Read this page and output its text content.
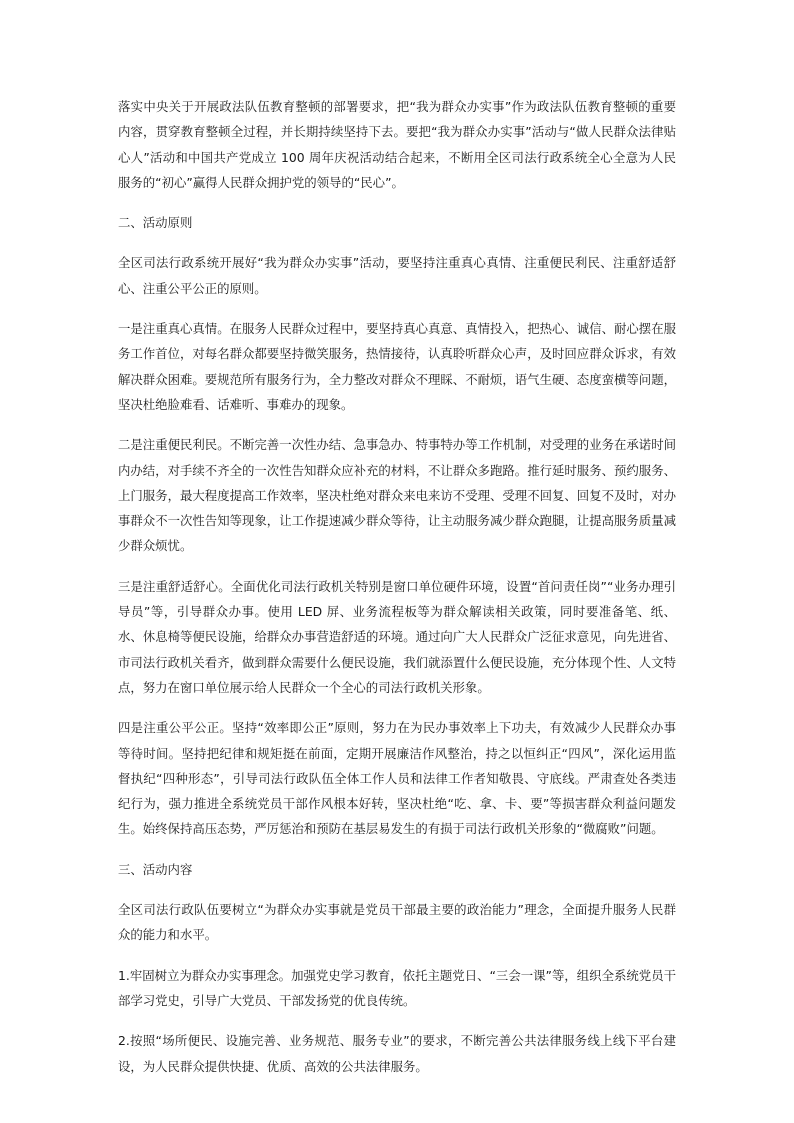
落实中央关于开展政法队伍教育整顿的部署要求，把“我为群众办实事”作为政法队伍教育整顿的重要内容，贯穿教育整顿全过程，并长期持续坚持下去。要把“我为群众办实事”活动与“做人民群众法律贴心人”活动和中国共产党成立 100 周年庆祝活动结合起来，不断用全区司法行政系统全心全意为人民服务的“初心”赢得人民群众拥护党的领导的“民心”。

二、活动原则

全区司法行政系统开展好“我为群众办实事”活动，要坚持注重真心真情、注重便民利民、注重舒适舒心、注重公平公正的原则。

一是注重真心真情。在服务人民群众过程中，要坚持真心真意、真情投入，把热心、诚信、耐心摆在服务工作首位，对每名群众都要坚持微笑服务，热情接待，认真聆听群众心声，及时回应群众诉求，有效解决群众困难。要规范所有服务行为，全力整改对群众不理睬、不耐烦，语气生硬、态度蛮横等问题，坚决杜绝脸难看、话难听、事难办的现象。

二是注重便民利民。不断完善一次性办结、急事急办、特事特办等工作机制，对受理的业务在承诺时间内办结，对手续不齐全的一次性告知群众应补充的材料，不让群众多跑路。推行延时服务、预约服务、上门服务，最大程度提高工作效率，坚决杜绝对群众来电来访不受理、受理不回复、回复不及时，对办事群众不一次性告知等现象，让工作提速减少群众等待，让主动服务减少群众跑腿，让提高服务质量减少群众烦忧。

三是注重舒适舒心。全面优化司法行政机关特别是窗口单位硬件环境，设置“首问责任岗”“业务办理引导员”等，引导群众办事。使用 LED 屏、业务流程板等为群众解读相关政策，同时要准备笔、纸、水、休息椅等便民设施，给群众办事营造舒适的环境。通过向广大人民群众广泛征求意见，向先进省、市司法行政机关看齐，做到群众需要什么便民设施，我们就添置什么便民设施，充分体现个性、人文特点，努力在窗口单位展示给人民群众一个全心的司法行政机关形象。

四是注重公平公正。坚持“效率即公正”原则，努力在为民办事效率上下功夫，有效减少人民群众办事等待时间。坚持把纪律和规矩挺在前面，定期开展廉洁作风整治，持之以恒纠正“四风”，深化运用监督执纪“四种形态”，引导司法行政队伍全体工作人员和法律工作者知敬畏、守底线。严肃查处各类违纪行为，强力推进全系统党员干部作风根本好转，坚决杜绝“吃、拿、卡、要”等损害群众利益问题发生。始终保持高压态势，严厉惩治和预防在基层易发生的有损于司法行政机关形象的“微腐败”问题。

三、活动内容

全区司法行政队伍要树立“为群众办实事就是党员干部最主要的政治能力”理念，全面提升服务人民群众的能力和水平。

1.牢固树立为群众办实事理念。加强党史学习教育，依托主题党日、“三会一课”等，组织全系统党员干部学习党史，引导广大党员、干部发扬党的优良传统。

2.按照“场所便民、设施完善、业务规范、服务专业”的要求，不断完善公共法律服务线上线下平台建设，为人民群众提供快捷、优质、高效的公共法律服务。
